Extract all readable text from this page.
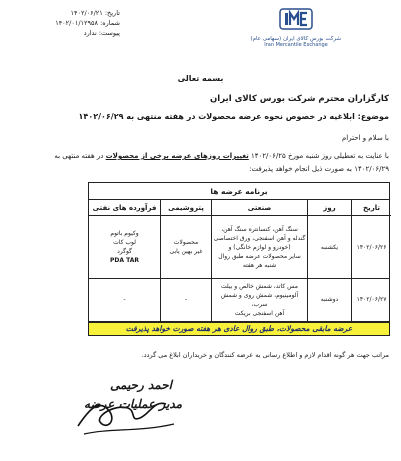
تاریخ: ۱۴۰۲/۰۶/۲۱
شماره: ۱۴۰۲/۰۱/۱۲۹۵۸
پیوست: ندارد
شرکت بورس کالای ایران (سهامی عام)
Iran Mercantile Exchange
بسمه تعالی
کارگزاران محترم شرکت بورس کالای ایران
موضوع: ابلاغیه در خصوص نحوه عرضه محصولات در هفته منتهی به ۱۴۰۲/۰۶/۲۹
با سلام و احترام
با عنایت به تعطیلی روز شنبه مورخ ۱۴۰۲/۰۶/۲۵ تغییرات روزهای عرضه برخی از محصولات در هفته منتهی به
۱۴۰۲/۰۶/۲۹ به صورت ذیل انجام خواهد پذیرفت:
برنامه عرضه ها
تاریخ
روز
صنعتی
پتروشیمی
فرآورده های نفتی
۱۴۰۲/۰۶/۲۶
یکشنبه
سنگ آهن، کنسانتره سنگ آهن،
گندله و آهن اسفنجی، ورق اختصاصی
(خودرو و لوازم خانگی) و
سایر محصولات عرضه طبق روال
شنبه هر هفته
محصولات
غیر بهین یابی
وکیوم باتوم
لوب کات
گوگرد
PDA TAR
۱۴۰۲/۰۶/۲۷
دوشنبه
مس کاتد، شمش خالص و بیلت
آلومینیوم، شمش روی و شمش سرب،
آهن اسفنجی بریکت
-
-
عرضه مابقی محصولات، طبق روال عادی هر هفته صورت خواهد پذیرفت
مراتب جهت هر گونه اقدام لازم و اطلاع رسانی به عرضه کنندگان و خریداران ابلاغ می گردد.
احمد رحیمی
مدیر عملیات عرضه
